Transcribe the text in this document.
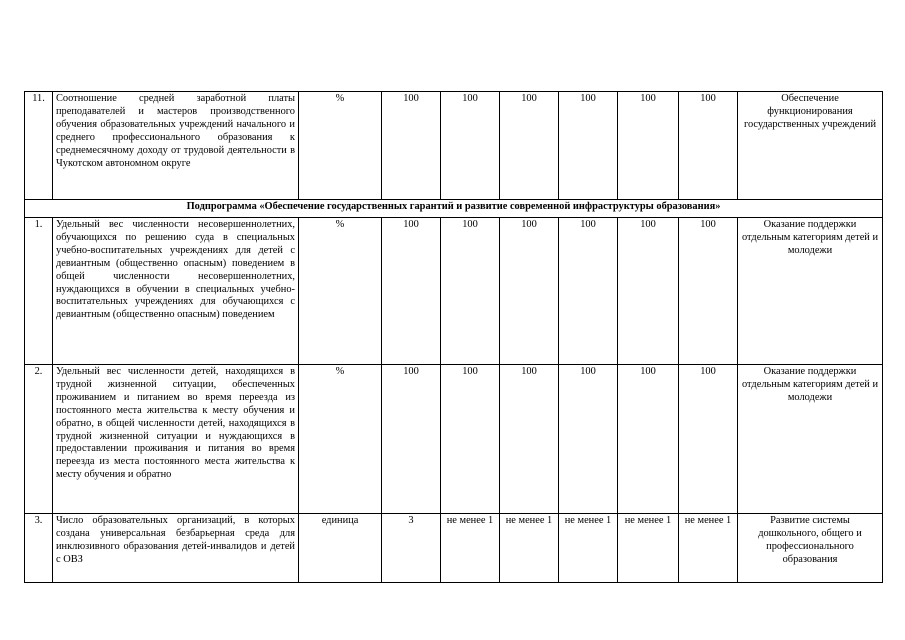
11.	Соотношение средней заработной платы преподавателей и мастеров производственного обучения образовательных учреждений начального и среднего профессионального образования к среднемесячному доходу от трудовой деятельности в Чукотском автономном округе	%	100	100	100	100	100	100	Обеспечение функционирования государственных учреждений
Подпрограмма «Обеспечение государственных гарантий и развитие современной инфраструктуры образования»									
1.	Удельный вес численности несовершеннолетних, обучающихся по решению суда в специальных учебно-воспитательных учреждениях для детей с девиантным (общественно опасным) поведением в общей численности несовершеннолетних, нуждающихся в обучении в специальных учебно-воспитательных учреждениях для обучающихся с девиантным (общественно опасным) поведением	%	100	100	100	100	100	100	Оказание поддержки отдельным категориям детей и молодежи
2.	Удельный вес численности детей, находящихся в трудной жизненной ситуации, обеспеченных проживанием и питанием во время переезда из постоянного места жительства к месту обучения и обратно, в общей численности детей, находящихся в трудной жизненной ситуации и нуждающихся в предоставлении проживания и питания во время переезда из места постоянного места жительства к месту обучения и обратно	%	100	100	100	100	100	100	Оказание поддержки отдельным категориям детей и молодежи
3.	Число образовательных организаций, в которых создана универсальная безбарьерная среда для инклюзивного образования детей-инвалидов и детей с ОВЗ	единица	3	не менее 1	не менее 1	не менее 1	не менее 1	не менее 1	Развитие системы дошкольного, общего и профессионального образования
